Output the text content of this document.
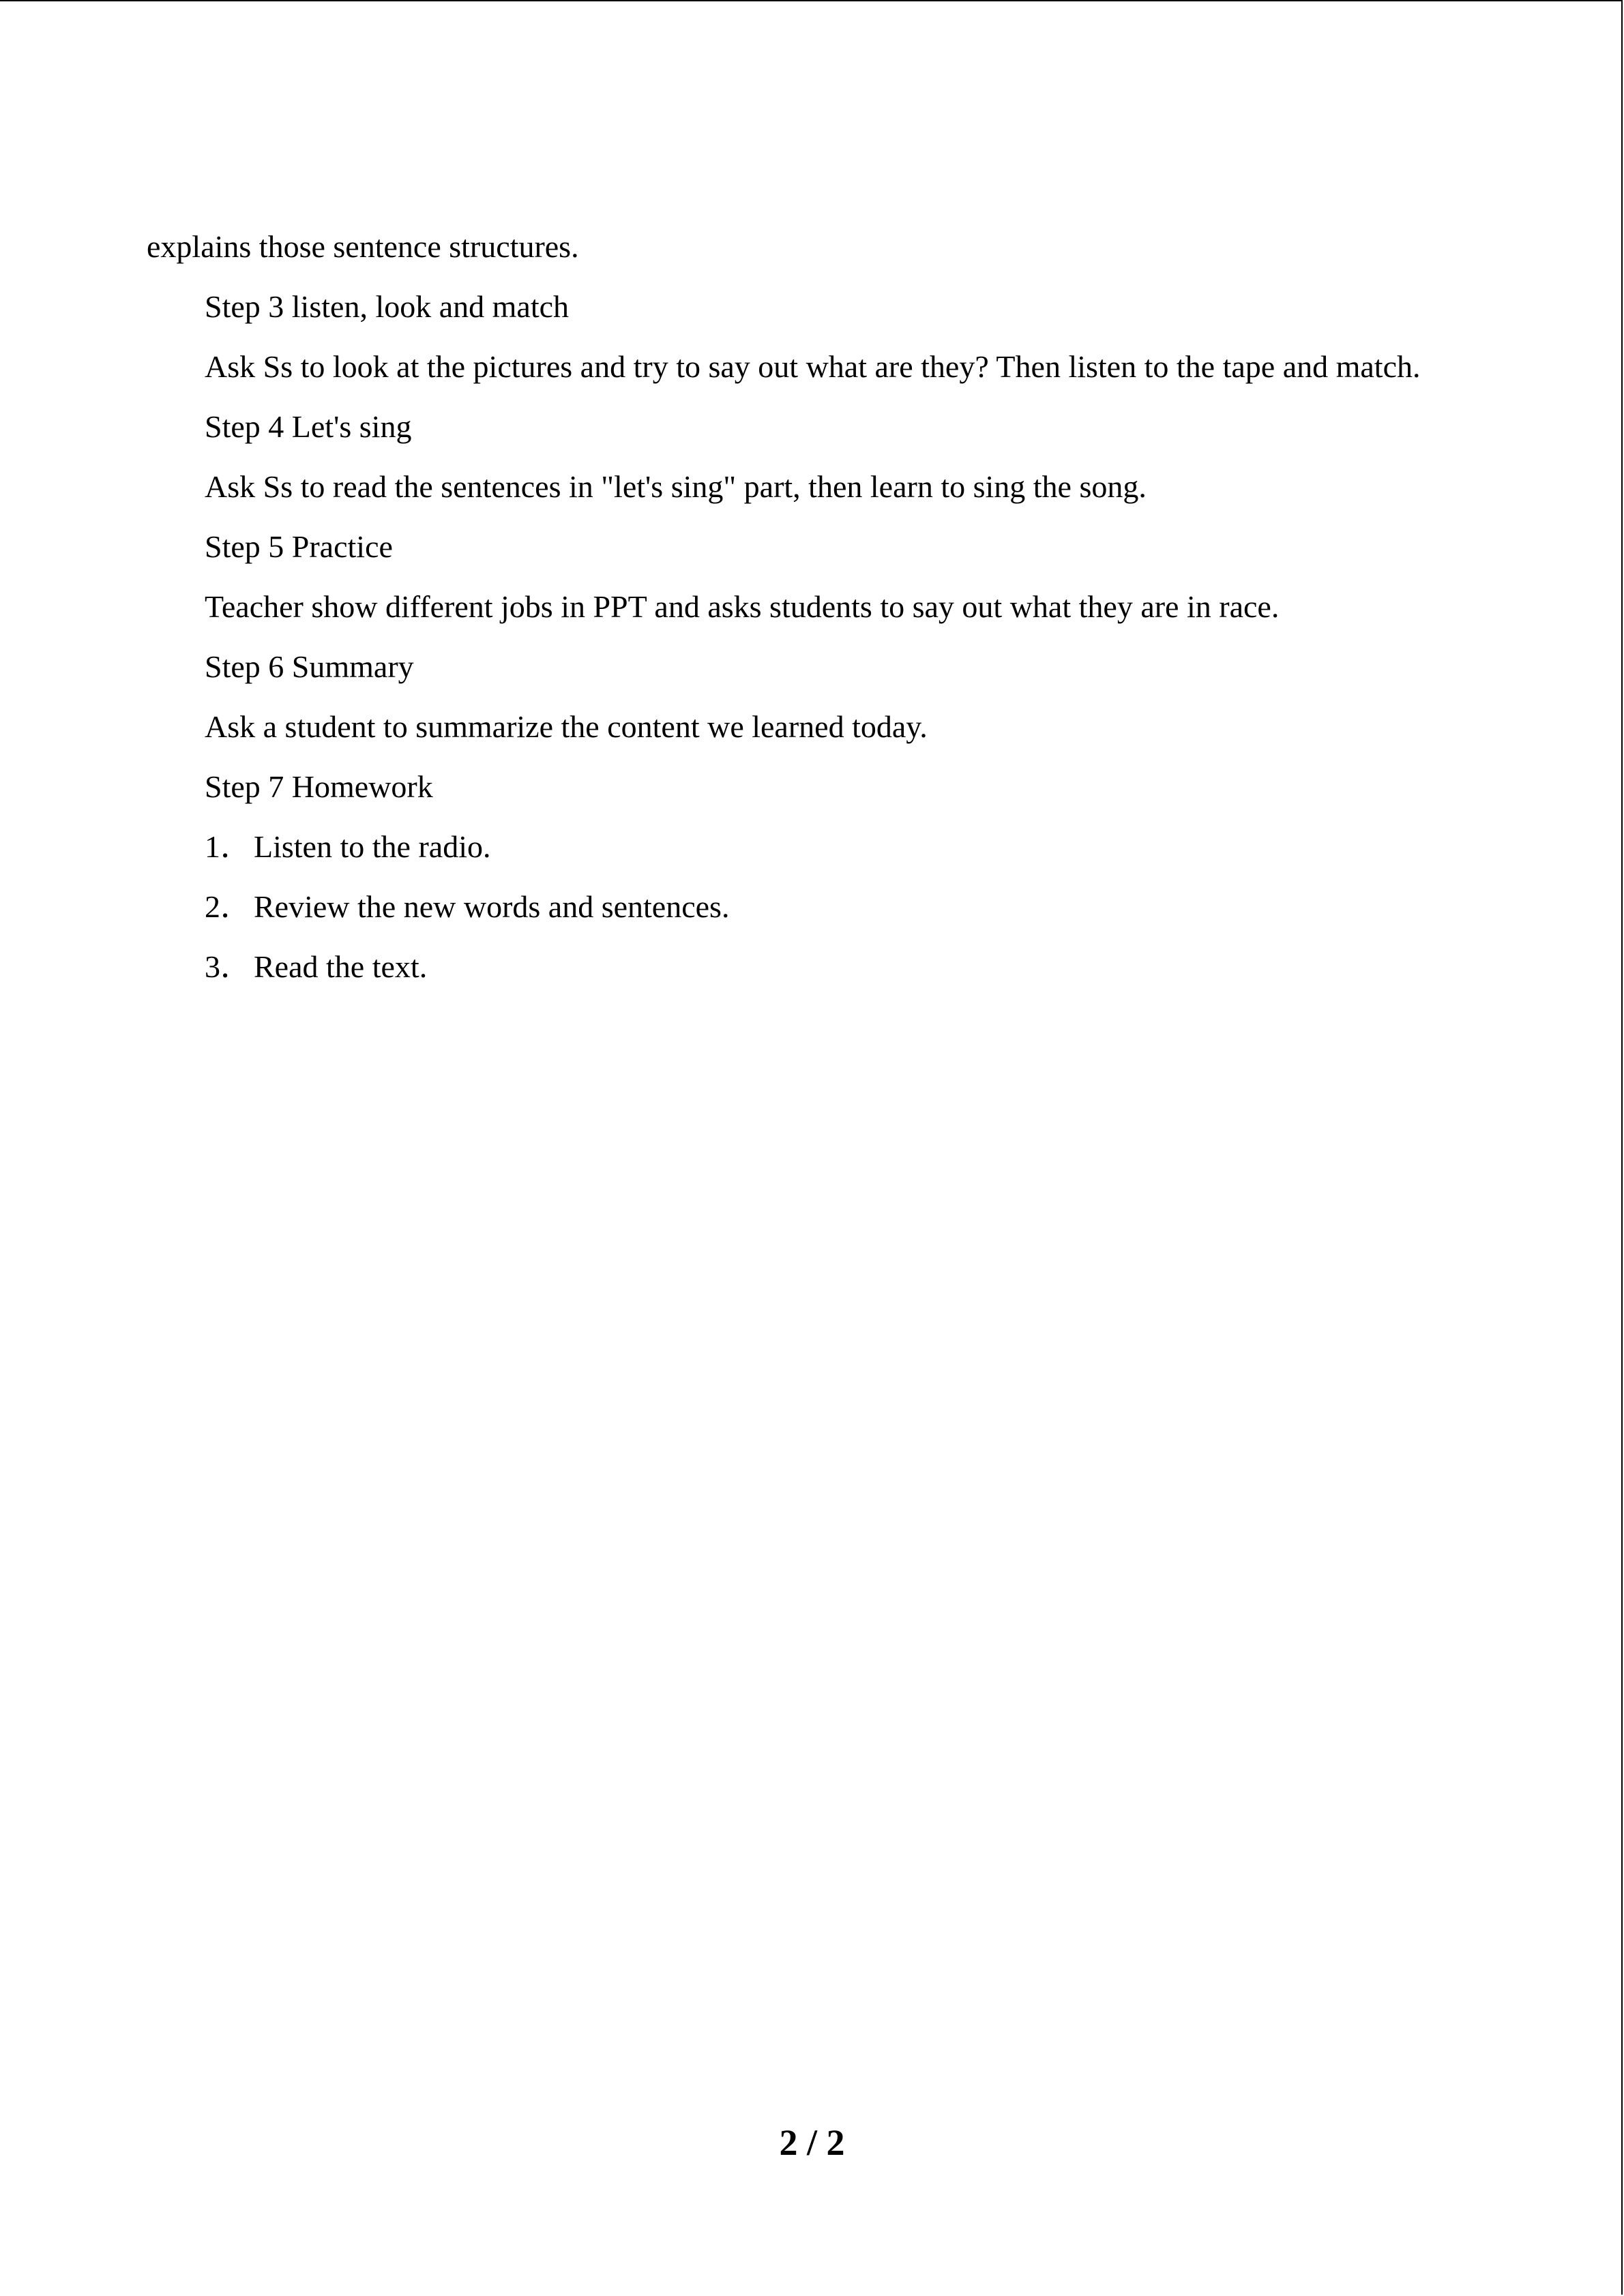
explains those sentence structures.
Step 3 listen, look and match
Ask Ss to look at the pictures and try to say out what are they? Then listen to the tape and match.
Step 4 Let's sing
Ask Ss to read the sentences in "let's sing" part, then learn to sing the song.
Step 5 Practice
Teacher show different jobs in PPT and asks students to say out what they are in race.
Step 6 Summary
Ask a student to summarize the content we learned today.
Step 7 Homework
1．Listen to the radio.
2．Review the new words and sentences.
3．Read the text.
2 / 2
